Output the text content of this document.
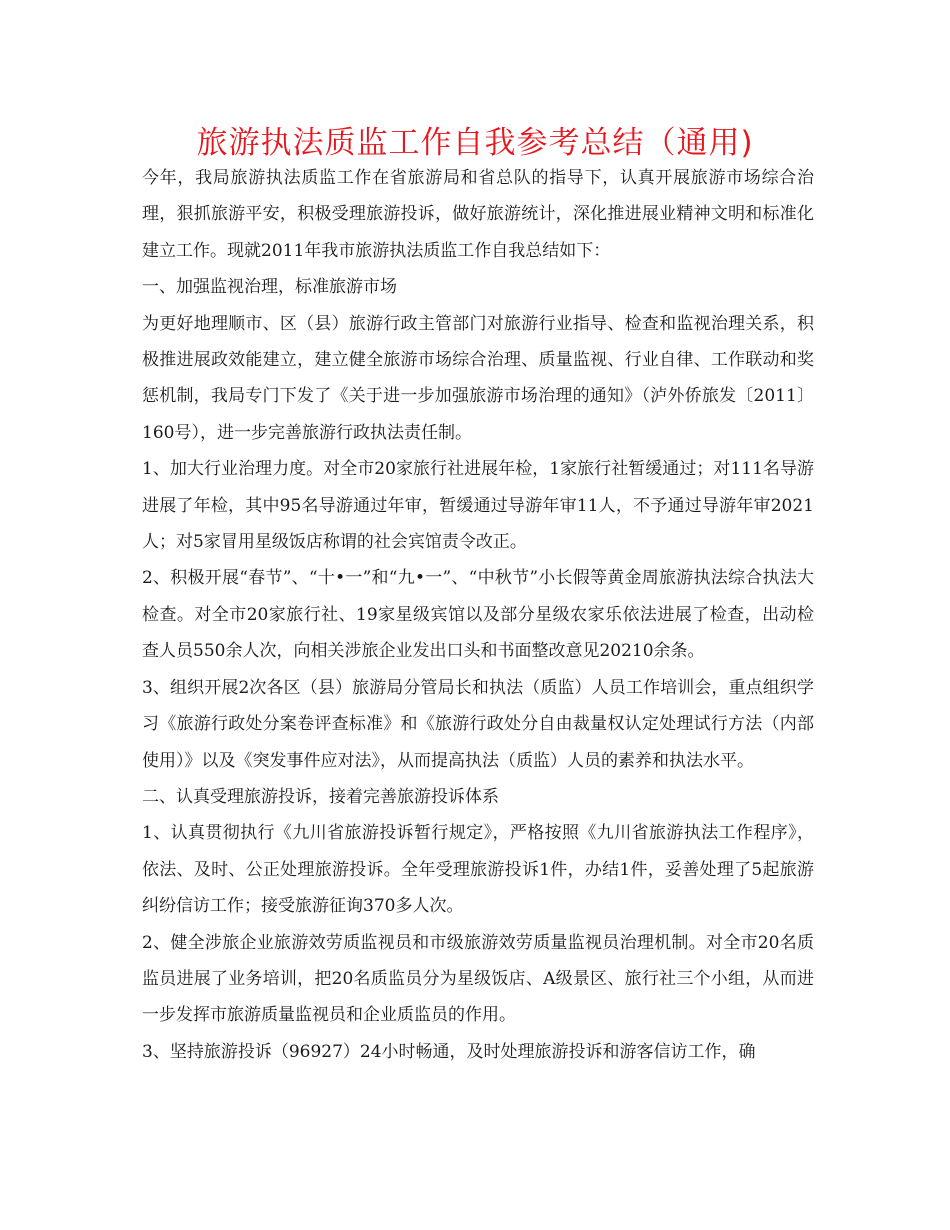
旅游执法质监工作自我参考总结（通用)

今年，我局旅游执法质监工作在省旅游局和省总队的指导下，认真开展旅游市场综合治理，狠抓旅游平安，积极受理旅游投诉，做好旅游统计，深化推进展业精神文明和标准化建立工作。现就2011年我市旅游执法质监工作自我总结如下：

一、加强监视治理，标准旅游市场

为更好地理顺市、区（县）旅游行政主管部门对旅游行业指导、检查和监视治理关系，积极推进展政效能建立，建立健全旅游市场综合治理、质量监视、行业自律、工作联动和奖惩机制，我局专门下发了《关于进一步加强旅游市场治理的通知》（泸外侨旅发〔2011〕160号），进一步完善旅游行政执法责任制。

1、加大行业治理力度。对全市20家旅行社进展年检，1家旅行社暂缓通过；对111名导游进展了年检，其中95名导游通过年审，暂缓通过导游年审11人，不予通过导游年审2021人；对5家冒用星级饭店称谓的社会宾馆责令改正。

2、积极开展“春节”、“十•一”和“九•一”、“中秋节”小长假等黄金周旅游执法综合执法大检查。对全市20家旅行社、19家星级宾馆以及部分星级农家乐依法进展了检查，出动检查人员550余人次，向相关涉旅企业发出口头和书面整改意见20210余条。

3、组织开展2次各区（县）旅游局分管局长和执法（质监）人员工作培训会，重点组织学习《旅游行政处分案卷评查标准》和《旅游行政处分自由裁量权认定处理试行方法（内部使用）》以及《突发事件应对法》，从而提高执法（质监）人员的素养和执法水平。

二、认真受理旅游投诉，接着完善旅游投诉体系

1、认真贯彻执行《九川省旅游投诉暂行规定》，严格按照《九川省旅游执法工作程序》，依法、及时、公正处理旅游投诉。全年受理旅游投诉1件，办结1件，妥善处理了5起旅游纠纷信访工作；接受旅游征询370多人次。

2、健全涉旅企业旅游效劳质监视员和市级旅游效劳质量监视员治理机制。对全市20名质监员进展了业务培训，把20名质监员分为星级饭店、A级景区、旅行社三个小组，从而进一步发挥市旅游质量监视员和企业质监员的作用。

3、坚持旅游投诉（96927）24小时畅通，及时处理旅游投诉和游客信访工作，确
